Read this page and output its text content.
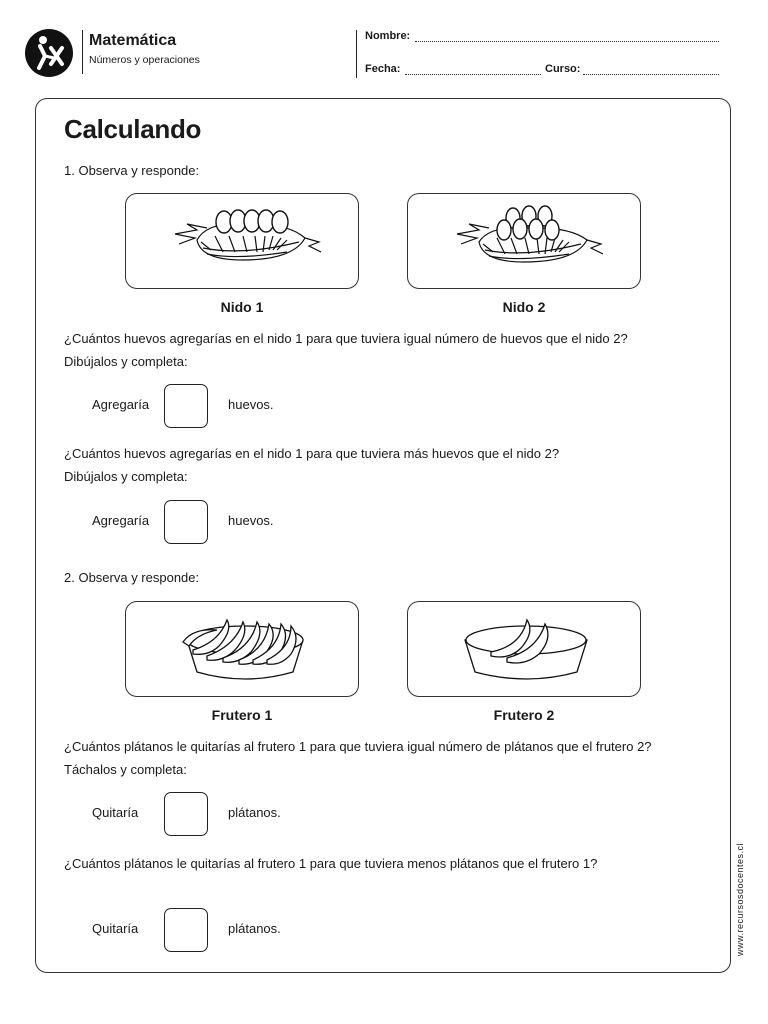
Matemática
Números y operaciones
Nombre:
Fecha:	Curso:
Calculando
1. Observa y responde:
Nido 1	Nido 2
¿Cuántos huevos agregarías en el nido 1 para que tuviera igual número de huevos que el nido 2?
Dibújalos y completa:
Agregaría	huevos.
¿Cuántos huevos agregarías en el nido 1 para que tuviera más huevos que el nido 2?
Dibújalos y completa:
Agregaría	huevos.
2. Observa y responde:
Frutero 1	Frutero 2
¿Cuántos plátanos le quitarías al frutero 1 para que tuviera igual número de plátanos que el frutero 2?
Táchalos y completa:
Quitaría	plátanos.
¿Cuántos plátanos le quitarías al frutero 1 para que tuviera menos plátanos que el frutero 1?
Quitaría	plátanos.	www.recursosdocentes.cl
